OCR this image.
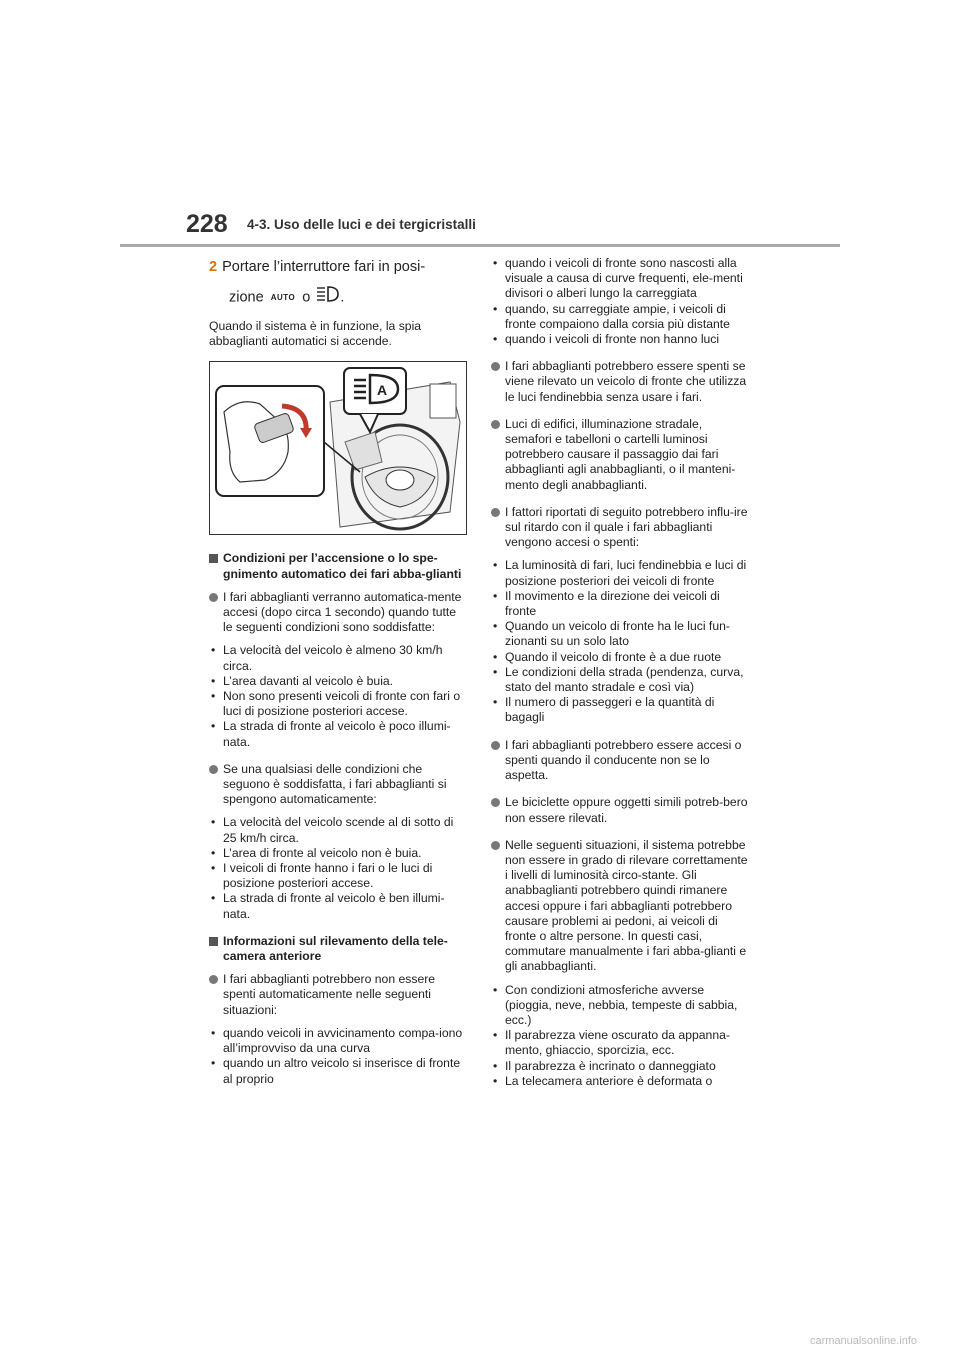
228 4-3. Uso delle luci e dei tergicristalli
2 Portare l’interruttore fari in posi-
zione AUTO o .
Quando il sistema è in funzione, la spia abbaglianti automatici si accende.
A
Condizioni per l’accensione o lo spe-gnimento automatico dei fari abba-glianti
I fari abbaglianti verranno automatica-mente accesi (dopo circa 1 secondo) quando tutte le seguenti condizioni sono soddisfatte:
• La velocità del veicolo è almeno 30 km/h circa.
• L’area davanti al veicolo è buia.
• Non sono presenti veicoli di fronte con fari o luci di posizione posteriori accese.
• La strada di fronte al veicolo è poco illumi-nata.
Se una qualsiasi delle condizioni che seguono è soddisfatta, i fari abbaglianti si spengono automaticamente:
• La velocità del veicolo scende al di sotto di 25 km/h circa.
• L’area di fronte al veicolo non è buia.
• I veicoli di fronte hanno i fari o le luci di posizione posteriori accese.
• La strada di fronte al veicolo è ben illumi-nata.
Informazioni sul rilevamento della tele-camera anteriore
I fari abbaglianti potrebbero non essere spenti automaticamente nelle seguenti situazioni:
• quando veicoli in avvicinamento compa-iono all’improvviso da una curva
• quando un altro veicolo si inserisce di fronte al proprio
• quando i veicoli di fronte sono nascosti alla visuale a causa di curve frequenti, ele-menti divisori o alberi lungo la carreggiata
• quando, su carreggiate ampie, i veicoli di fronte compaiono dalla corsia più distante
• quando i veicoli di fronte non hanno luci
I fari abbaglianti potrebbero essere spenti se viene rilevato un veicolo di fronte che utilizza le luci fendinebbia senza usare i fari.
Luci di edifici, illuminazione stradale, semafori e tabelloni o cartelli luminosi potrebbero causare il passaggio dai fari abbaglianti agli anabbaglianti, o il manteni-mento degli anabbaglianti.
I fattori riportati di seguito potrebbero influ-ire sul ritardo con il quale i fari abbaglianti vengono accesi o spenti:
• La luminosità di fari, luci fendinebbia e luci di posizione posteriori dei veicoli di fronte
• Il movimento e la direzione dei veicoli di fronte
• Quando un veicolo di fronte ha le luci fun-zionanti su un solo lato
• Quando il veicolo di fronte è a due ruote
• Le condizioni della strada (pendenza, curva, stato del manto stradale e così via)
• Il numero di passeggeri e la quantità di bagagli
I fari abbaglianti potrebbero essere accesi o spenti quando il conducente non se lo aspetta.
Le biciclette oppure oggetti simili potreb-bero non essere rilevati.
Nelle seguenti situazioni, il sistema potrebbe non essere in grado di rilevare correttamente i livelli di luminosità circo-stante. Gli anabbaglianti potrebbero quindi rimanere accesi oppure i fari abbaglianti potrebbero causare problemi ai pedoni, ai veicoli di fronte o altre persone. In questi casi, commutare manualmente i fari abba-glianti e gli anabbaglianti.
• Con condizioni atmosferiche avverse (pioggia, neve, nebbia, tempeste di sabbia, ecc.)
• Il parabrezza viene oscurato da appanna-mento, ghiaccio, sporcizia, ecc.
• Il parabrezza è incrinato o danneggiato
• La telecamera anteriore è deformata o
carmanualsonline.info
